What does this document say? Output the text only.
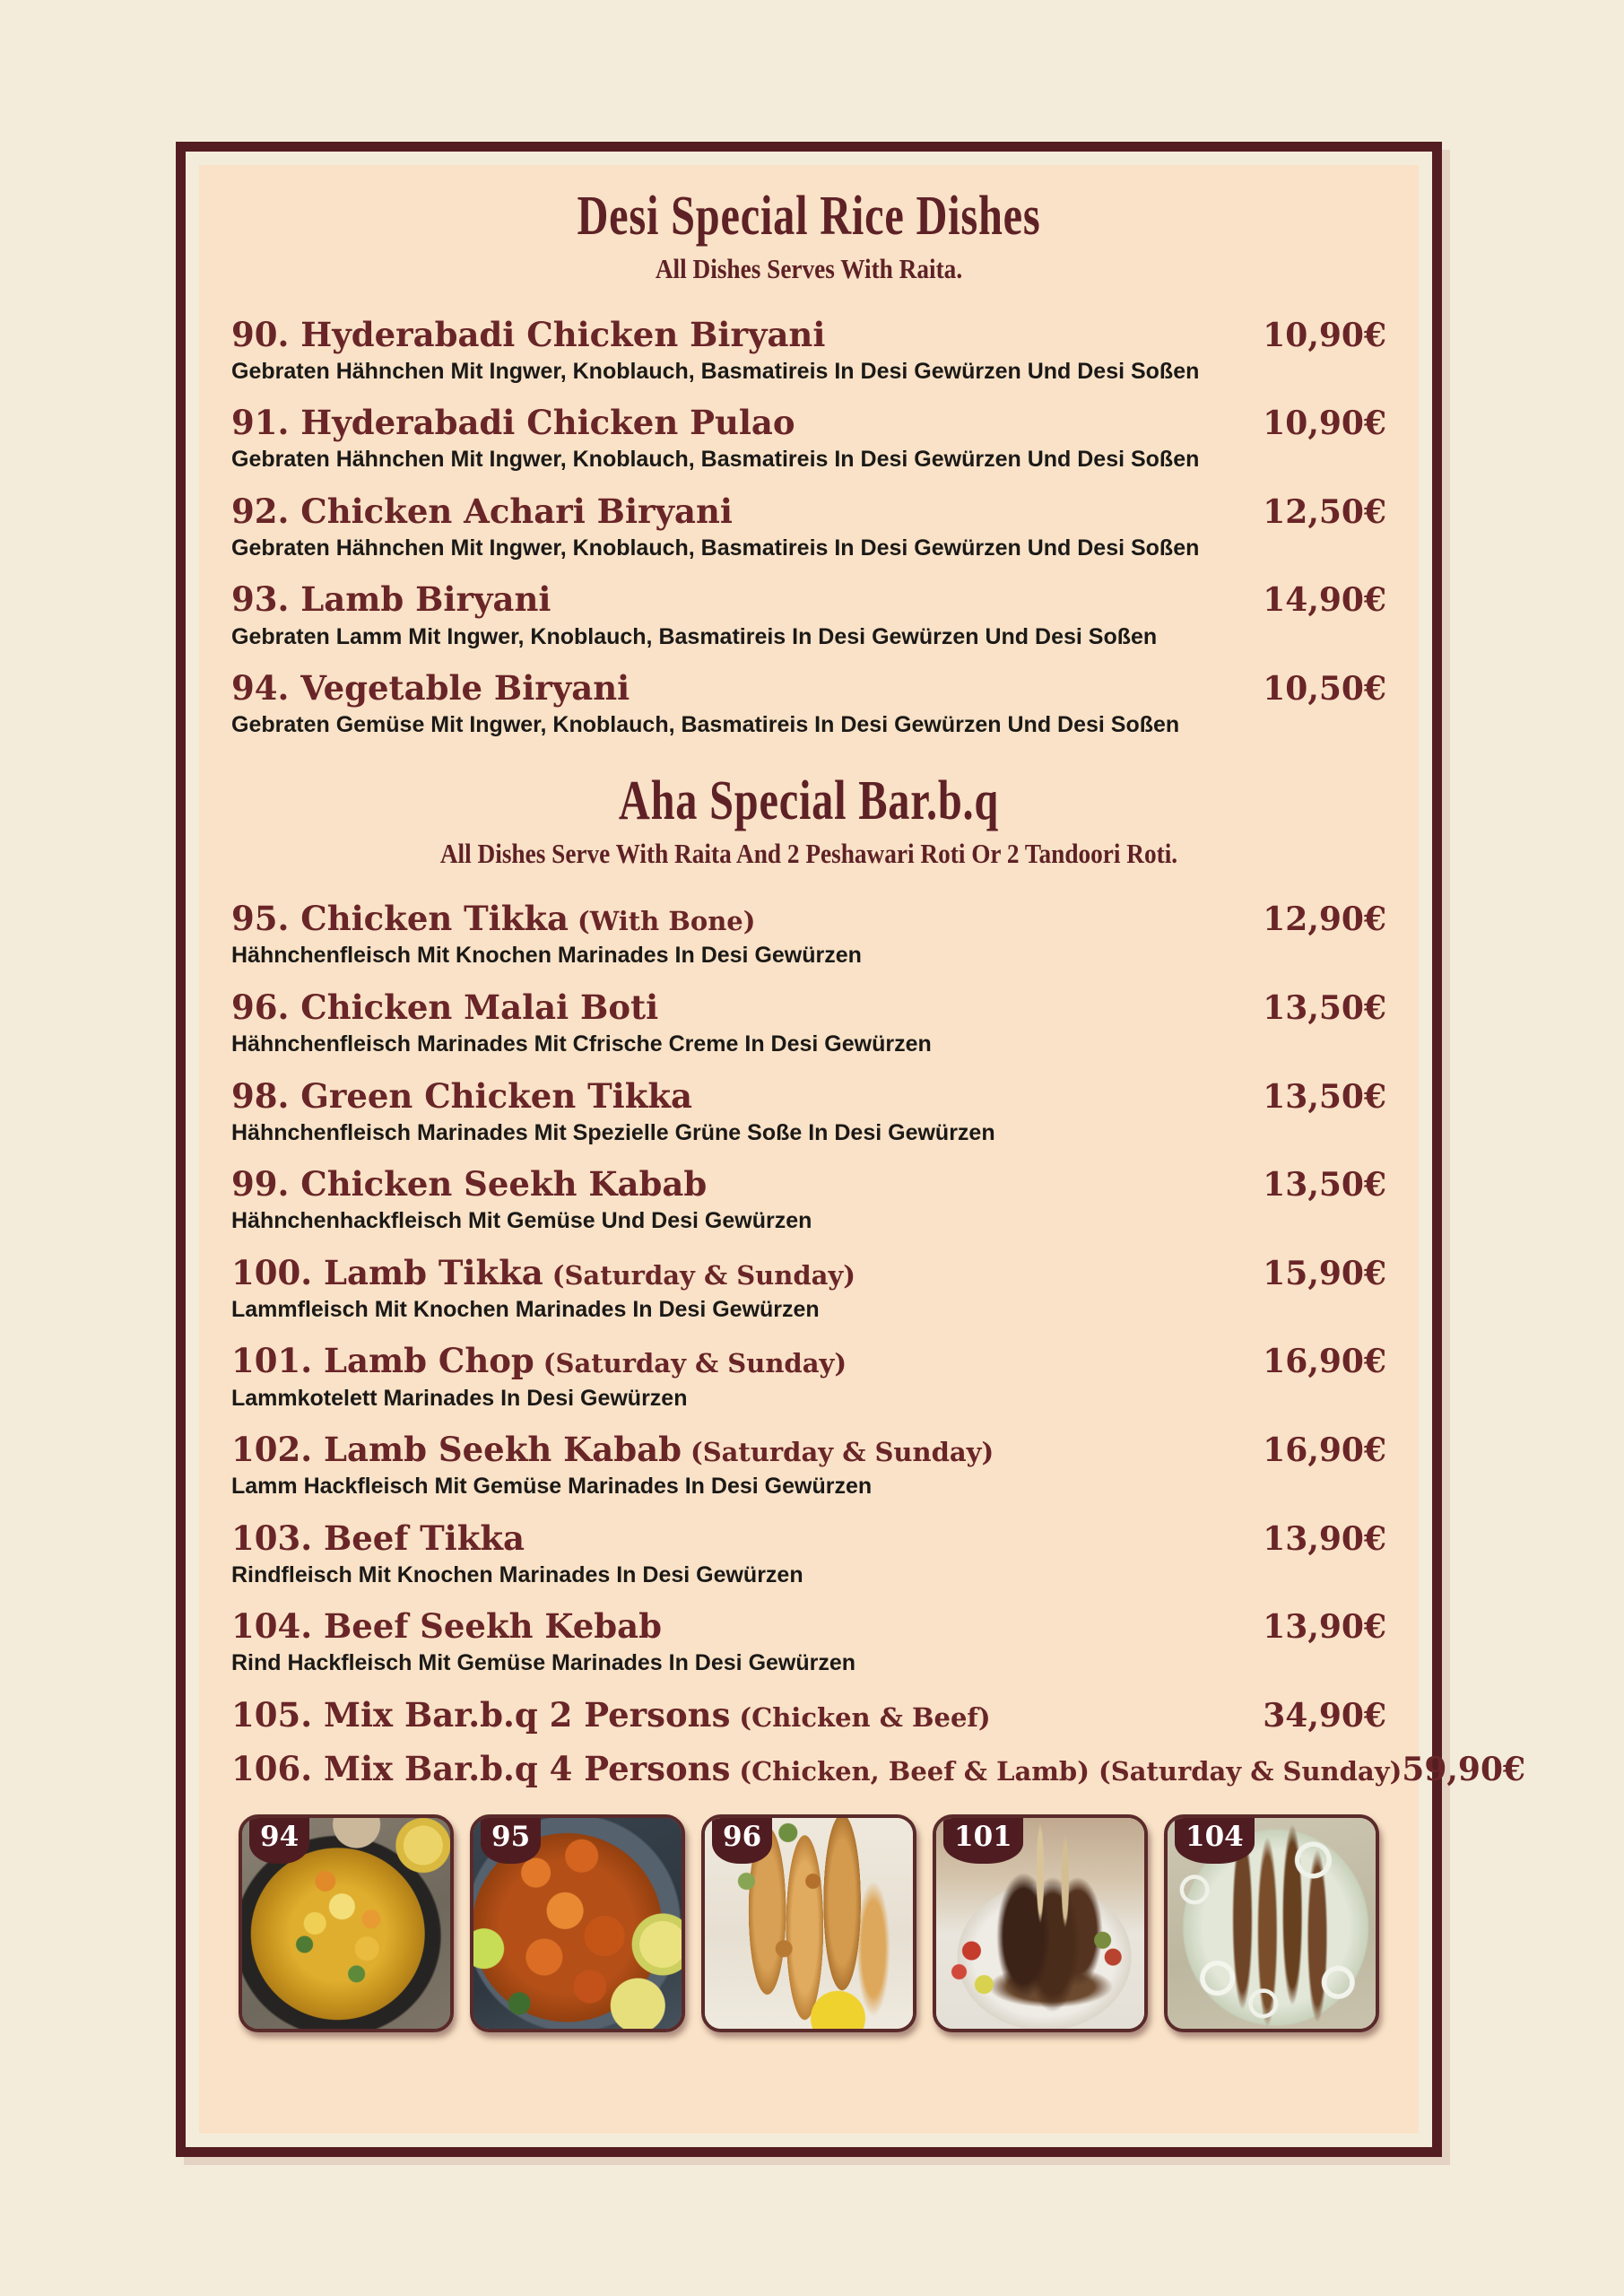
Desi Special Rice Dishes

All Dishes Serves With Raita.

90. Hyderabadi Chicken Biryani	10,90€
Gebraten Hähnchen Mit Ingwer, Knoblauch, Basmatireis In Desi Gewürzen Und Desi Soßen
91. Hyderabadi Chicken Pulao	10,90€
Gebraten Hähnchen Mit Ingwer, Knoblauch, Basmatireis In Desi Gewürzen Und Desi Soßen
92. Chicken Achari Biryani	12,50€
Gebraten Hähnchen Mit Ingwer, Knoblauch, Basmatireis In Desi Gewürzen Und Desi Soßen
93. Lamb Biryani	14,90€
Gebraten Lamm Mit Ingwer, Knoblauch, Basmatireis In Desi Gewürzen Und Desi Soßen
94. Vegetable Biryani	10,50€
Gebraten Gemüse Mit Ingwer, Knoblauch, Basmatireis In Desi Gewürzen Und Desi Soßen
Aha Special Bar.b.q

All Dishes Serve With Raita And 2 Peshawari Roti Or 2 Tandoori Roti.

95. Chicken Tikka (With Bone)	12,90€
Hähnchenfleisch Mit Knochen Marinades In Desi Gewürzen
96. Chicken Malai Boti	13,50€
Hähnchenfleisch Marinades Mit Cfrische Creme In Desi Gewürzen
98. Green Chicken Tikka	13,50€
Hähnchenfleisch Marinades Mit Spezielle Grüne Soße In Desi Gewürzen
99. Chicken Seekh Kabab	13,50€
Hähnchenhackfleisch Mit Gemüse Und Desi Gewürzen
100. Lamb Tikka (Saturday & Sunday)	15,90€
Lammfleisch Mit Knochen Marinades In Desi Gewürzen
101. Lamb Chop (Saturday & Sunday)	16,90€
Lammkotelett Marinades In Desi Gewürzen
102. Lamb Seekh Kabab (Saturday & Sunday)	16,90€
Lamm Hackfleisch Mit Gemüse Marinades In Desi Gewürzen
103. Beef Tikka	13,90€
Rindfleisch Mit Knochen Marinades In Desi Gewürzen
104. Beef Seekh Kebab	13,90€
Rind Hackfleisch Mit Gemüse Marinades In Desi Gewürzen
105. Mix Bar.b.q 2 Persons (Chicken & Beef)	34,90€
106. Mix Bar.b.q 4 Persons (Chicken, Beef & Lamb) (Saturday & Sunday) 59,90€
94	95	96	101	104
